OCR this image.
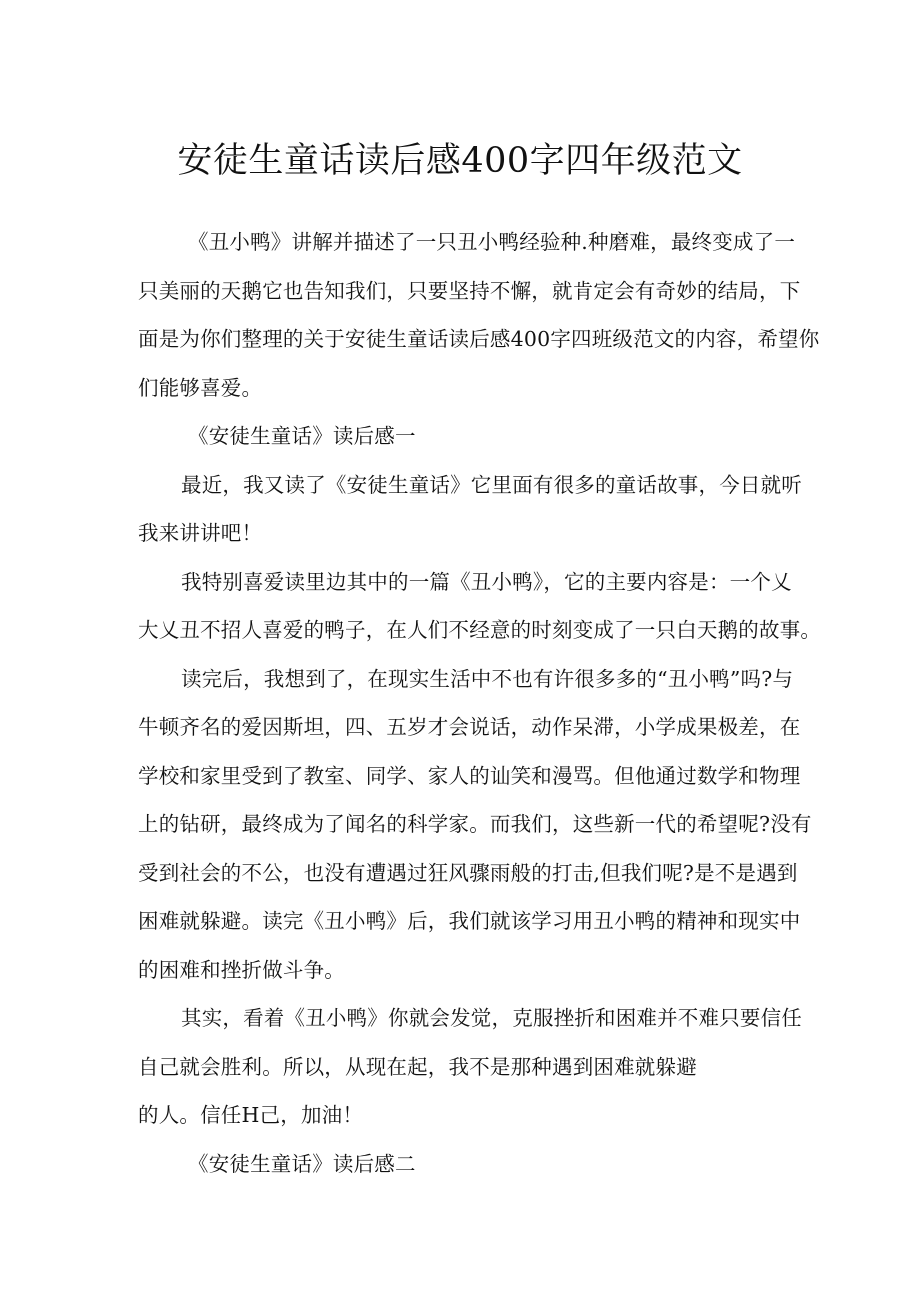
安徒生童话读后感400字四年级范文

《丑小鸭》讲解并描述了一只丑小鸭经验种.种磨难，最终变成了一

只美丽的天鹅它也告知我们，只要坚持不懈，就肯定会有奇妙的结局，下

面是为你们整理的关于安徒生童话读后感400字四班级范文的内容，希望你

们能够喜爱。

《安徒生童话》读后感一

最近，我又读了《安徒生童话》它里面有很多的童话故事，今日就听

我来讲讲吧！

我特别喜爱读里边其中的一篇《丑小鸭》，它的主要内容是：一个乂

大乂丑不招人喜爱的鸭子，在人们不经意的时刻变成了一只白天鹅的故事。

读完后，我想到了，在现实生活中不也有许很多多的“丑小鸭”吗?与

牛顿齐名的爱因斯坦，四、五岁才会说话，动作呆滞，小学成果极差，在

学校和家里受到了教室、同学、家人的讪笑和漫骂。但他通过数学和物理

上的钻研，最终成为了闻名的科学家。而我们，这些新一代的希望呢?没有

受到社会的不公，也没有遭遇过狂风骤雨般的打击,但我们呢?是不是遇到

困难就躲避。读完《丑小鸭》后，我们就该学习用丑小鸭的精神和现实中

的困难和挫折做斗争。

其实，看着《丑小鸭》你就会发觉，克服挫折和困难并不难只要信任

自己就会胜利。所以，从现在起，我不是那种遇到困难就躲避

的人。信任H己，加油！

《安徒生童话》读后感二
